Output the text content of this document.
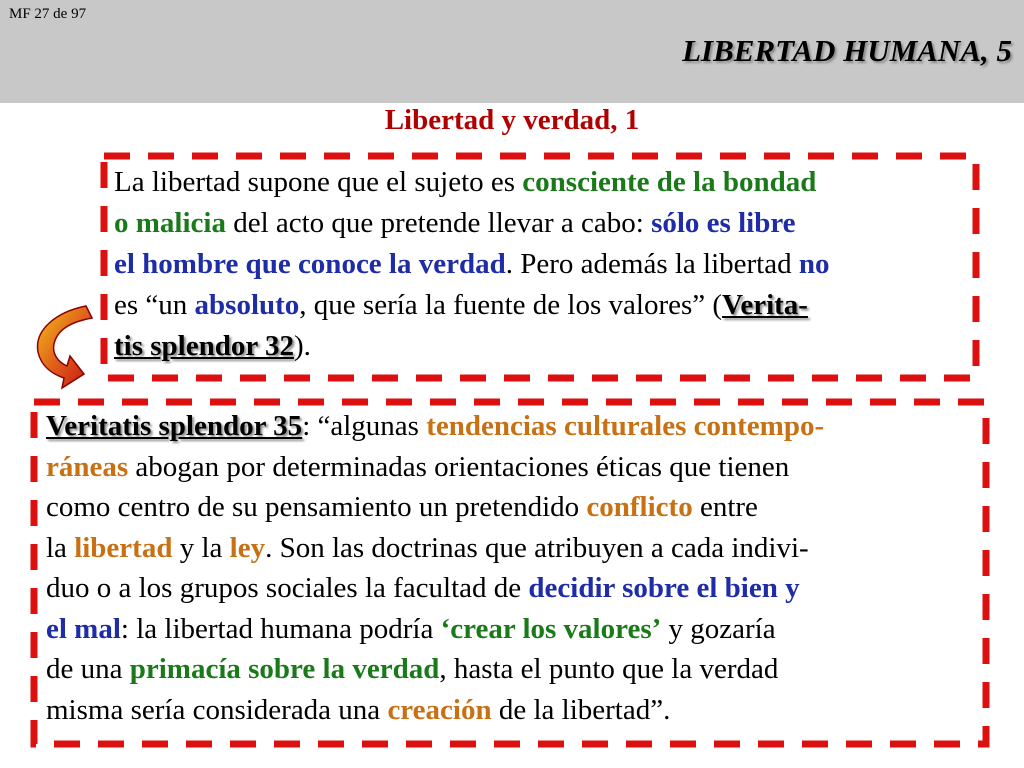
MF 27 de 97
LIBERTAD HUMANA, 5
Libertad y verdad, 1
La libertad supone que el sujeto es consciente de la bondad
o malicia del acto que pretende llevar a cabo: sólo es libre
el hombre que conoce la verdad. Pero además la libertad no
es “un absoluto, que sería la fuente de los valores” (Verita-
tis splendor 32).
Veritatis splendor 35: “algunas tendencias culturales contempo-
ráneas abogan por determinadas orientaciones éticas que tienen
como centro de su pensamiento un pretendido conflicto entre
la libertad y la ley. Son las doctrinas que atribuyen a cada indivi-
duo o a los grupos sociales la facultad de decidir sobre el bien y
el mal: la libertad humana podría ‘crear los valores’ y gozaría
de una primacía sobre la verdad, hasta el punto que la verdad
misma sería considerada una creación de la libertad”.
